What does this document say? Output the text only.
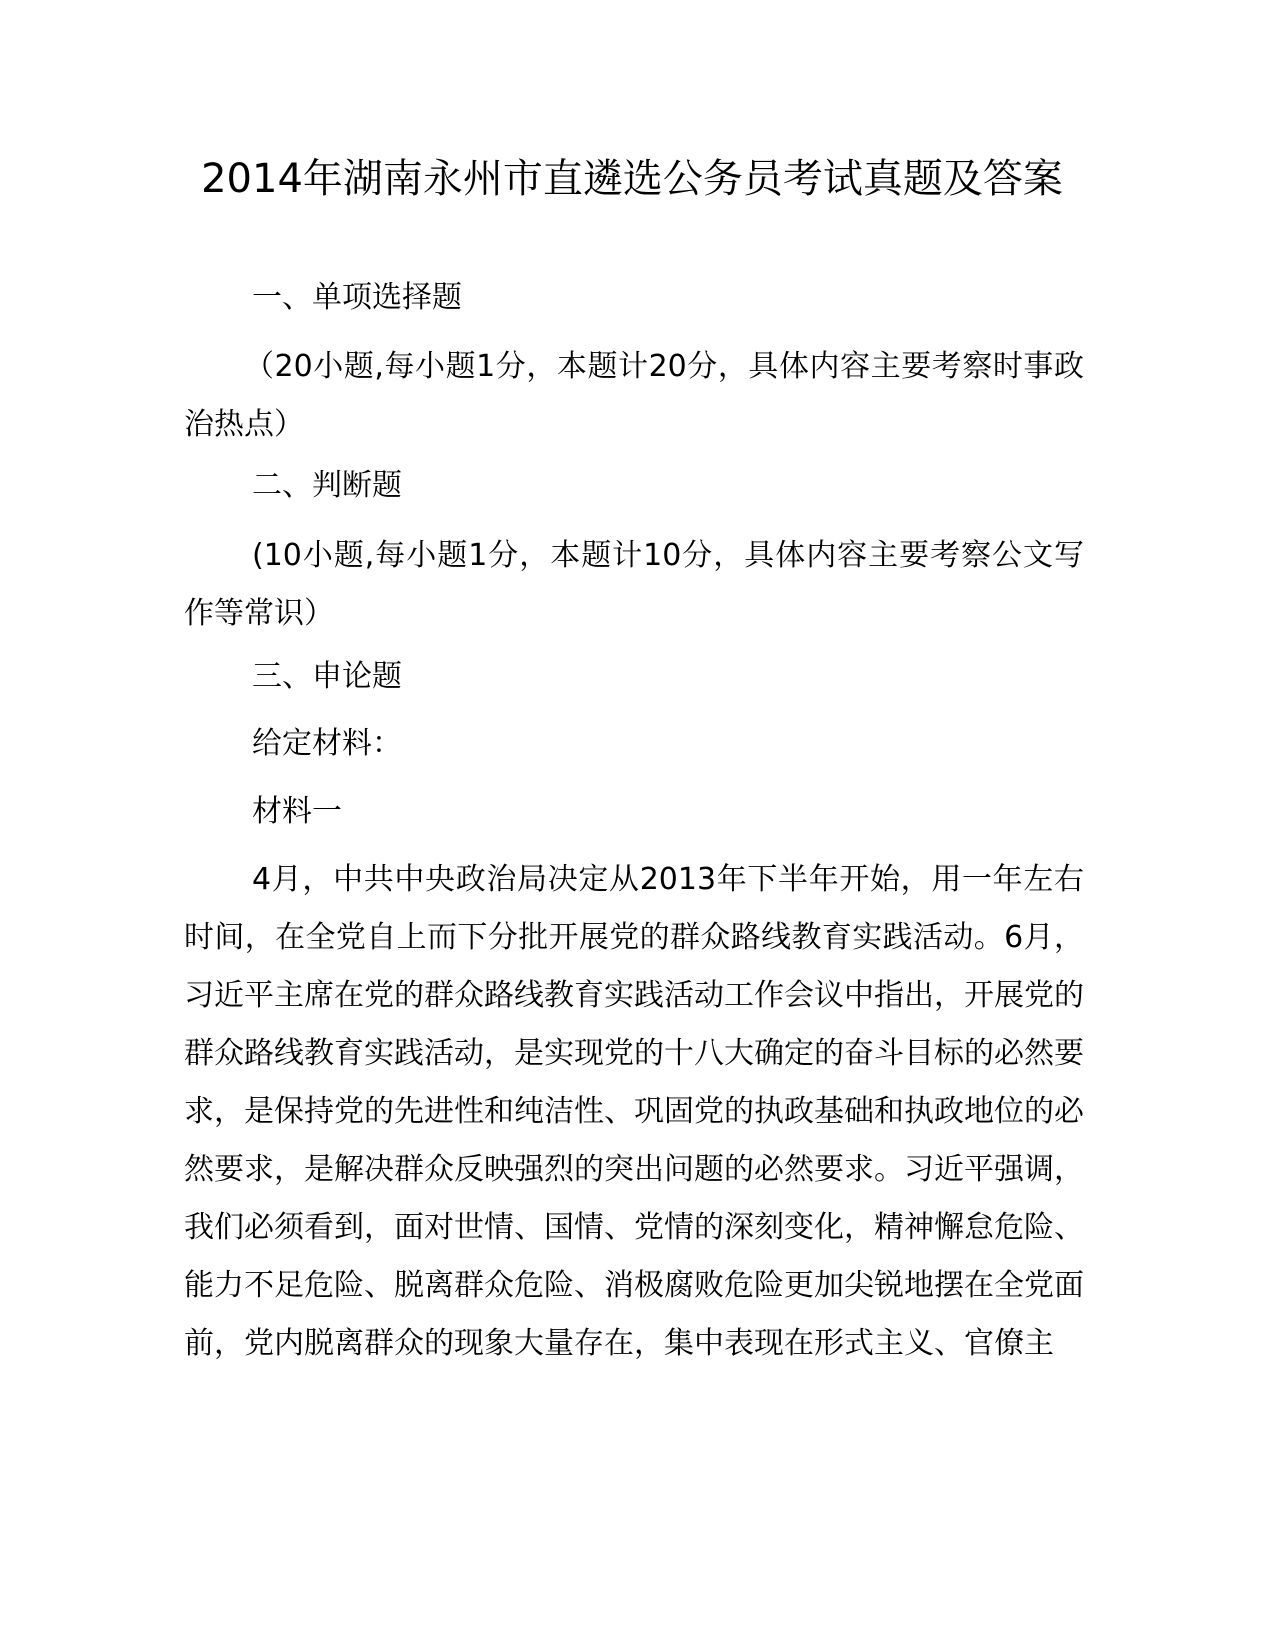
2014年湖南永州市直遴选公务员考试真题及答案

一、单项选择题

（20小题,每小题1分，本题计20分，具体内容主要考察时事政治热点）

二、判断题

(10小题,每小题1分，本题计10分，具体内容主要考察公文写作等常识）

三、申论题

给定材料：

材料一

4月，中共中央政治局决定从2013年下半年开始，用一年左右时间，在全党自上而下分批开展党的群众路线教育实践活动。6月，习近平主席在党的群众路线教育实践活动工作会议中指出，开展党的群众路线教育实践活动，是实现党的十八大确定的奋斗目标的必然要求，是保持党的先进性和纯洁性、巩固党的执政基础和执政地位的必然要求，是解决群众反映强烈的突出问题的必然要求。习近平强调，我们必须看到，面对世情、国情、党情的深刻变化，精神懈怠危险、能力不足危险、脱离群众危险、消极腐败危险更加尖锐地摆在全党面前，党内脱离群众的现象大量存在，集中表现在形式主义、官僚主
